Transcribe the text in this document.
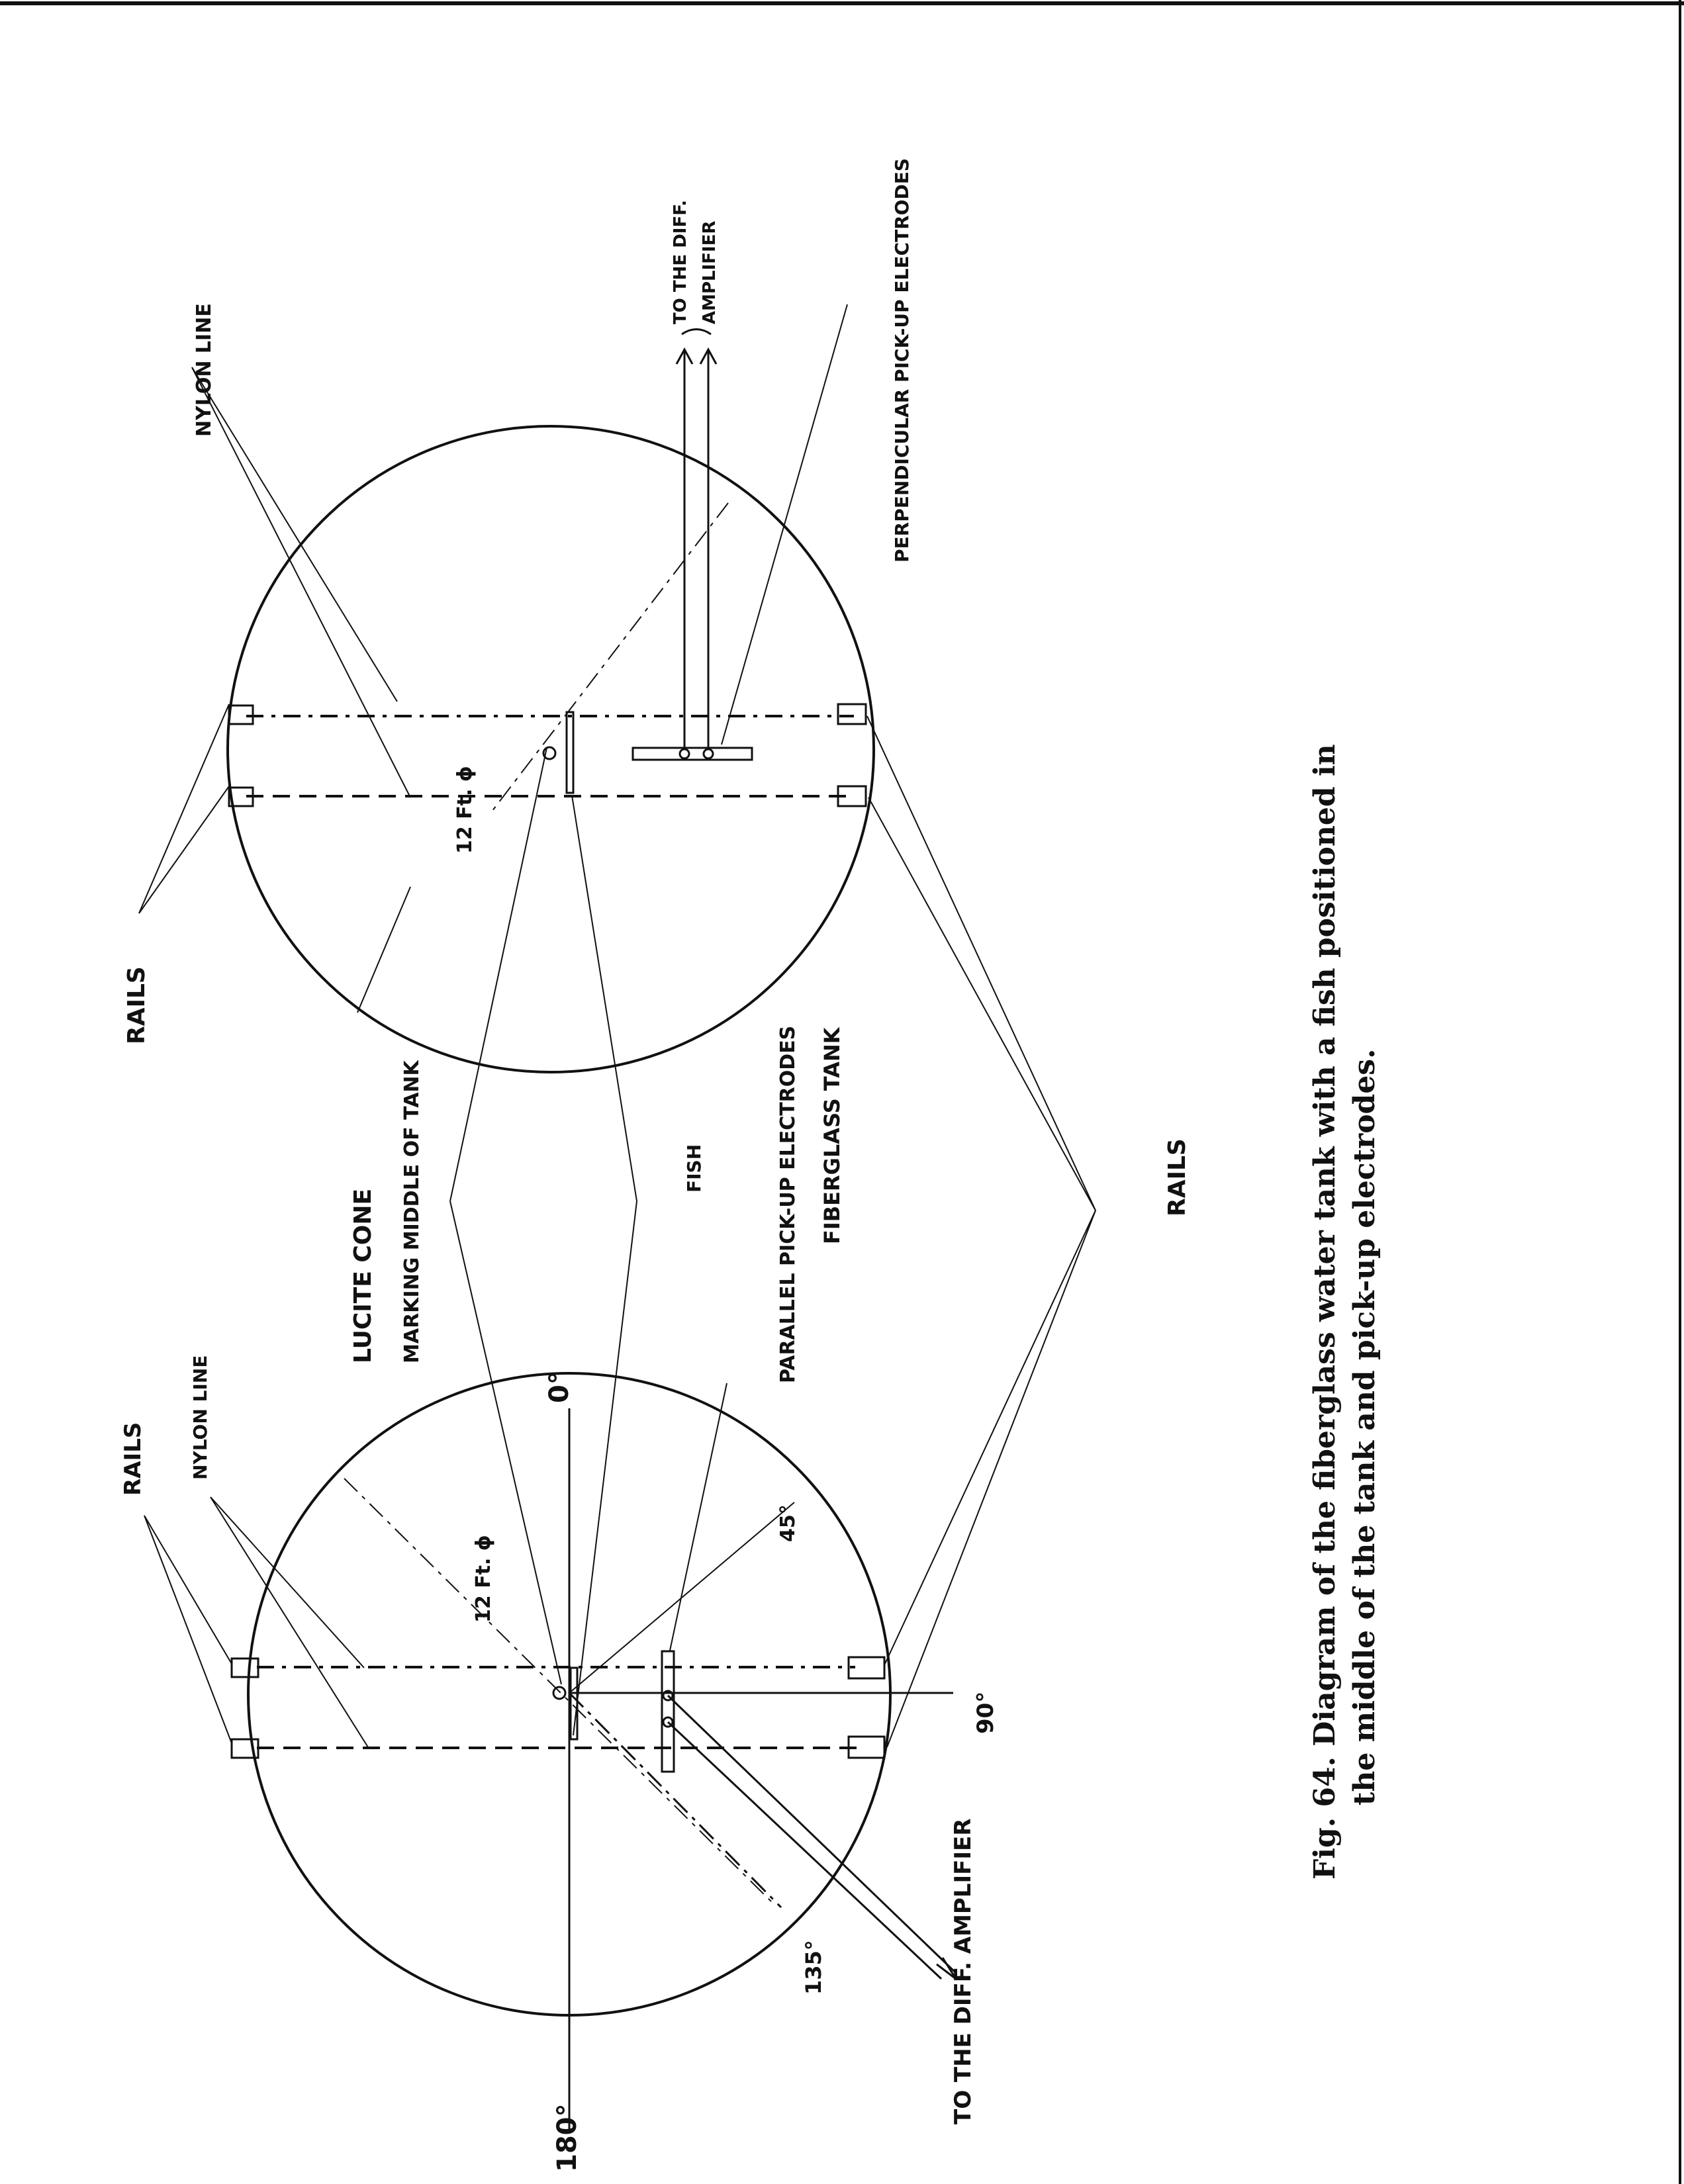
RAILS NYLON LINE
LUCITE CONE MARKING MIDDLE OF TANK	FISH	PARALLEL PICK-UP ELECTRODES FIBERGLASS TANK	RAILS
RAILS
NYLON LINE	PERPENDICULAR PICK-UP ELECTRODES
TO THE DIFF. AMPLIFIER
TO THE DIFF. AMPLIFIER
12 Ft. ϕ
12 Ft. ϕ
0°
45°
90°
135°
180°
Fig. 64. Diagram of the fiberglass water tank with a fish positioned in the middle of the tank and pick-up electrodes.
